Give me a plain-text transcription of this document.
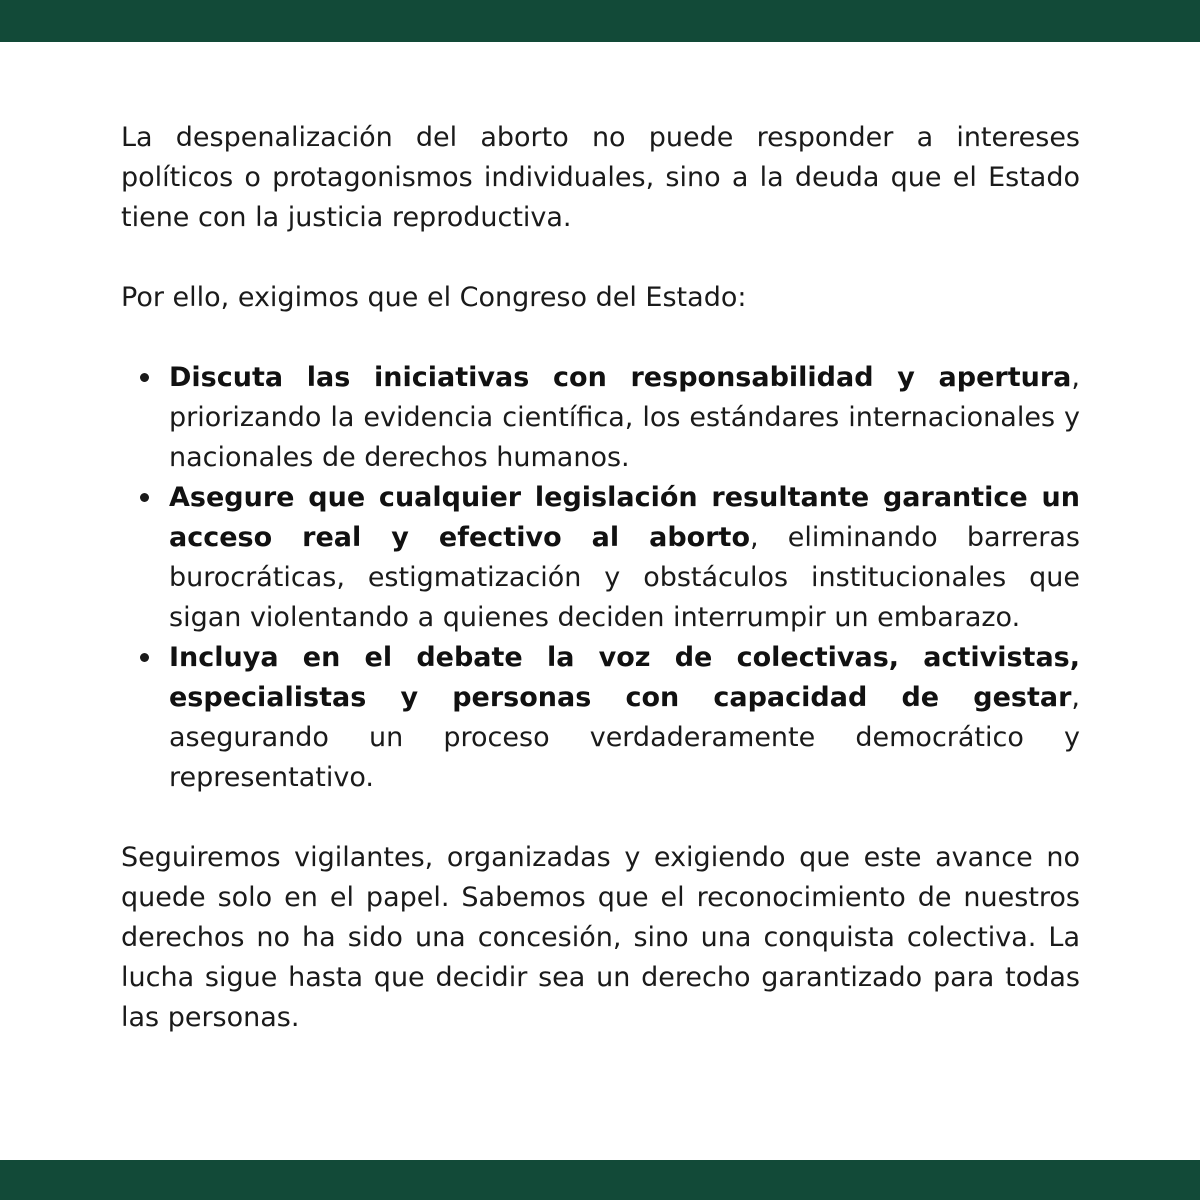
La despenalización del aborto no puede responder a intereses políticos o protagonismos individuales, sino a la deuda que el Estado tiene con la justicia reproductiva.

Por ello, exigimos que el Congreso del Estado:

Discuta las iniciativas con responsabilidad y apertura, priorizando la evidencia científica, los estándares internacionales y nacionales de derechos humanos.
Asegure que cualquier legislación resultante garantice un acceso real y efectivo al aborto, eliminando barreras burocráticas, estigmatización y obstáculos institucionales que sigan violentando a quienes deciden interrumpir un embarazo.
Incluya en el debate la voz de colectivas, activistas, especialistas y personas con capacidad de gestar, asegurando un proceso verdaderamente democrático y representativo.

Seguiremos vigilantes, organizadas y exigiendo que este avance no quede solo en el papel. Sabemos que el reconocimiento de nuestros derechos no ha sido una concesión, sino una conquista colectiva. La lucha sigue hasta que decidir sea un derecho garantizado para todas las personas.
